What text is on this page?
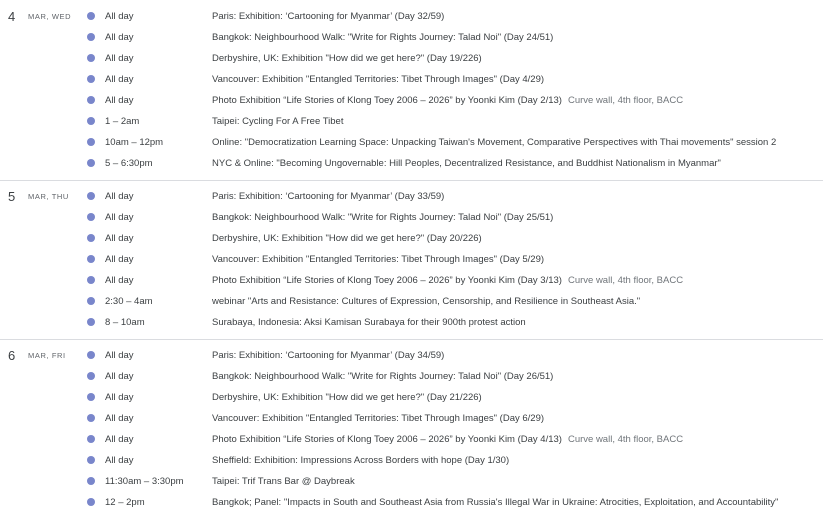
4	MAR, WED	All day	Paris: Exhibition: ‘Cartooning for Myanmar’ (Day 32/59)
All day	Bangkok: Neighbourhood Walk: "Write for Rights Journey: Talad Noi" (Day 24/51)
All day	Derbyshire, UK: Exhibition "How did we get here?" (Day 19/226)
All day	Vancouver: Exhibition "Entangled Territories: Tibet Through Images" (Day 4/29)
All day	Photo Exhibition “Life Stories of Klong Toey 2006 – 2026” by Yoonki Kim (Day 2/13) Curve wall, 4th floor, BACC
1 – 2am	Taipei: Cycling For A Free Tibet
10am – 12pm	Online: "Democratization Learning Space: Unpacking Taiwan's Movement, Comparative Perspectives with Thai movements" session 2
5 – 6:30pm	NYC & Online: "Becoming Ungovernable: Hill Peoples, Decentralized Resistance, and Buddhist Nationalism in Myanmar"
5	MAR, THU	All day	Paris: Exhibition: ‘Cartooning for Myanmar’ (Day 33/59)
All day	Bangkok: Neighbourhood Walk: "Write for Rights Journey: Talad Noi" (Day 25/51)
All day	Derbyshire, UK: Exhibition "How did we get here?" (Day 20/226)
All day	Vancouver: Exhibition "Entangled Territories: Tibet Through Images" (Day 5/29)
All day	Photo Exhibition “Life Stories of Klong Toey 2006 – 2026” by Yoonki Kim (Day 3/13) Curve wall, 4th floor, BACC
2:30 – 4am	webinar "Arts and Resistance: Cultures of Expression, Censorship, and Resilience in Southeast Asia."
8 – 10am	Surabaya, Indonesia: Aksi Kamisan Surabaya for their 900th protest action
6	MAR, FRI	All day	Paris: Exhibition: ‘Cartooning for Myanmar’ (Day 34/59)
All day	Bangkok: Neighbourhood Walk: "Write for Rights Journey: Talad Noi" (Day 26/51)
All day	Derbyshire, UK: Exhibition "How did we get here?" (Day 21/226)
All day	Vancouver: Exhibition "Entangled Territories: Tibet Through Images" (Day 6/29)
All day	Photo Exhibition “Life Stories of Klong Toey 2006 – 2026” by Yoonki Kim (Day 4/13) Curve wall, 4th floor, BACC
All day	Sheffield: Exhibition: Impressions Across Borders with hope (Day 1/30)
11:30am – 3:30pm	Taipei: Trif Trans Bar @ Daybreak
12 – 2pm	Bangkok; Panel: "Impacts in South and Southeast Asia from Russia's Illegal War in Ukraine: Atrocities, Exploitation, and Accountability"
